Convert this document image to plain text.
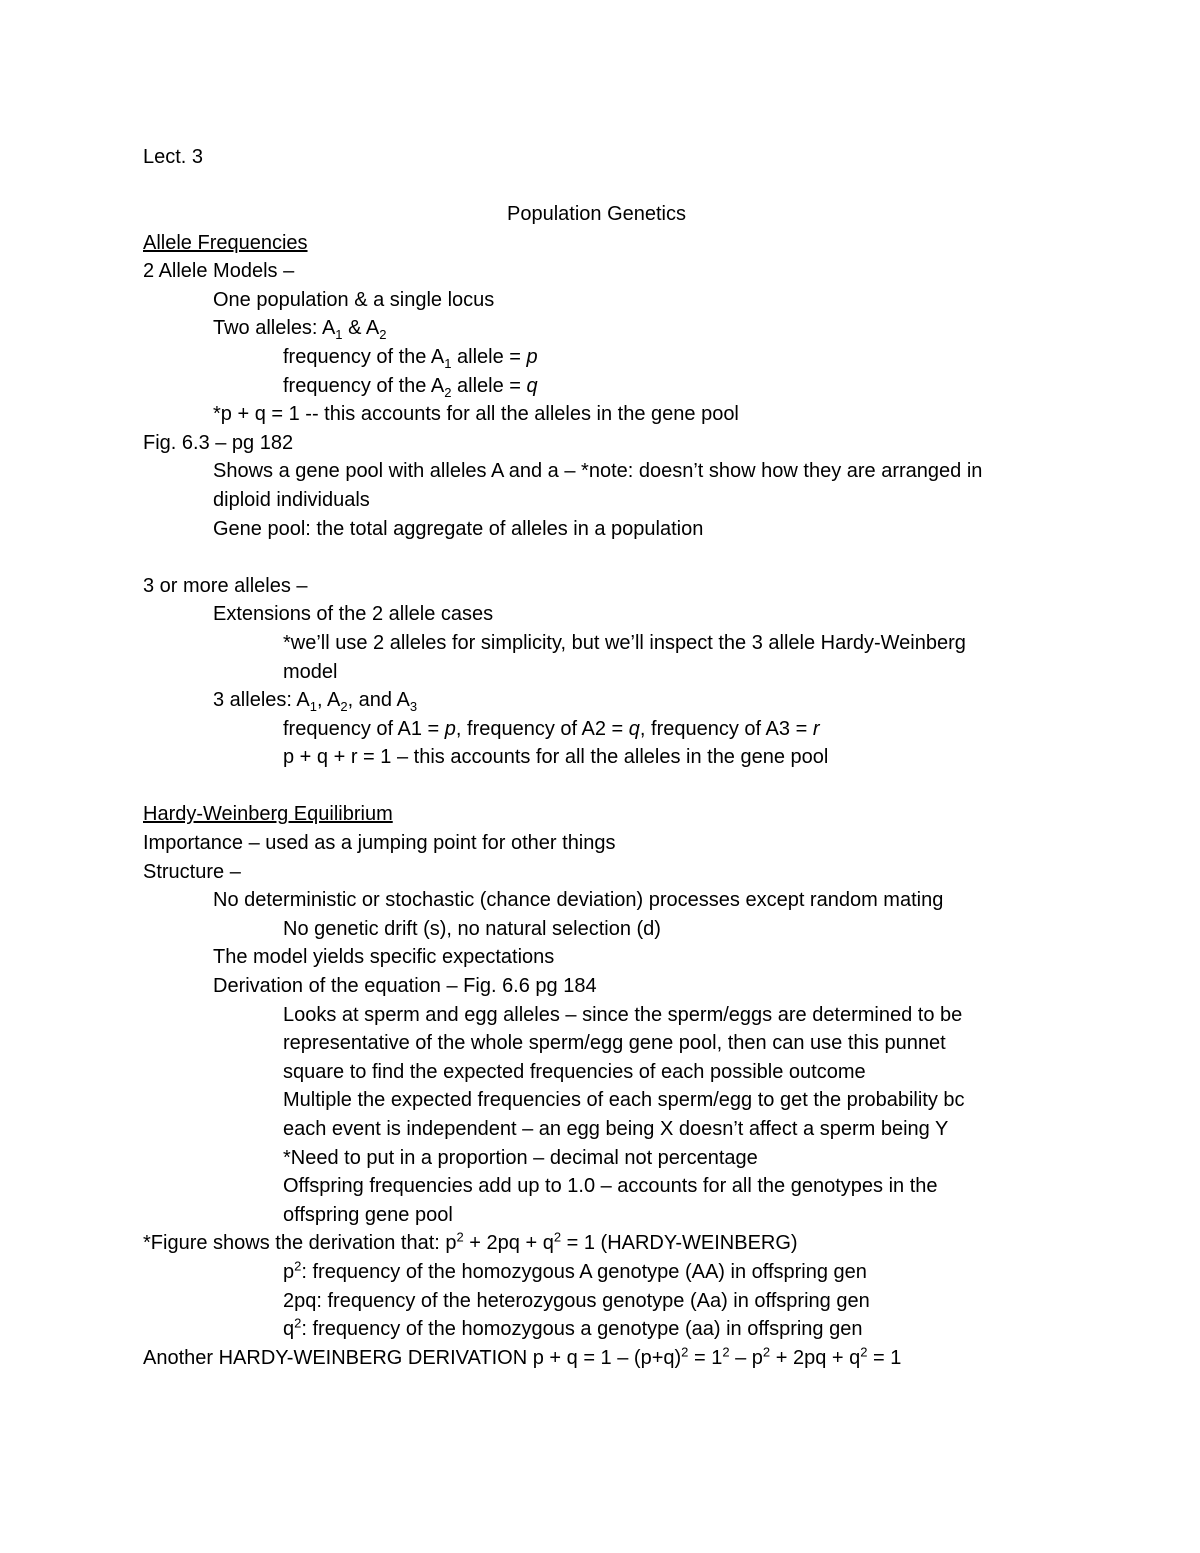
Lect. 3
Population Genetics
Allele Frequencies
2 Allele Models –
One population & a single locus
Two alleles: $A_1$ & $A_2$
frequency of the $A_1$ allele = p
frequency of the $A_2$ allele = q
*p + q = 1 -- this accounts for all the alleles in the gene pool
Fig. 6.3 – pg 182
Shows a gene pool with alleles A and a – *note: doesn’t show how they are arranged in
diploid individuals
Gene pool: the total aggregate of alleles in a population
3 or more alleles –
Extensions of the 2 allele cases
*we’ll use 2 alleles for simplicity, but we’ll inspect the 3 allele Hardy-Weinberg
model
3 alleles: $A_1$, $A_2$, and $A_3$
frequency of A1 = p, frequency of A2 = q, frequency of A3 = r
p + q + r = 1 – this accounts for all the alleles in the gene pool
Hardy-Weinberg Equilibrium
Importance – used as a jumping point for other things
Structure –
No deterministic or stochastic (chance deviation) processes except random mating
No genetic drift (s), no natural selection (d)
The model yields specific expectations
Derivation of the equation – Fig. 6.6 pg 184
Looks at sperm and egg alleles – since the sperm/eggs are determined to be
representative of the whole sperm/egg gene pool, then can use this punnet
square to find the expected frequencies of each possible outcome
Multiple the expected frequencies of each sperm/egg to get the probability bc
each event is independent – an egg being X doesn’t affect a sperm being Y
*Need to put in a proportion – decimal not percentage
Offspring frequencies add up to 1.0 – accounts for all the genotypes in the
offspring gene pool
*Figure shows the derivation that: $p^2 + 2pq + q^2 = 1$ (HARDY-WEINBERG)
$p^2$: frequency of the homozygous A genotype (AA) in offspring gen
2pq: frequency of the heterozygous genotype (Aa) in offspring gen
$q^2$: frequency of the homozygous a genotype (aa) in offspring gen
Another HARDY-WEINBERG DERIVATION $p + q = 1 - (p+q)^2 = 1^2 - p^2 + 2pq + q^2 = 1$
